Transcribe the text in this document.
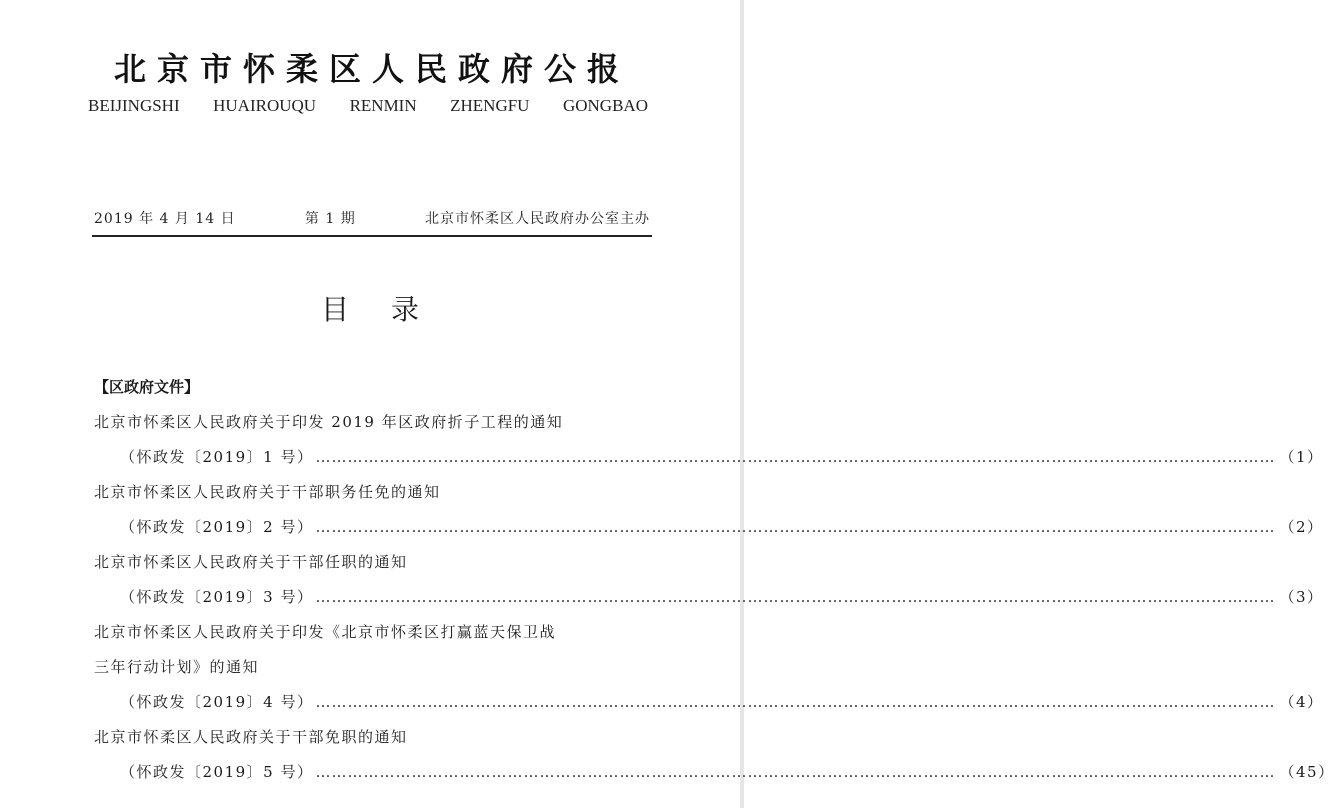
北京市怀柔区人民政府公报
BEIJINGSHI HUAIROUQU RENMIN ZHENGFU GONGBAO
2019 年 4 月 14 日	第 1 期	北京市怀柔区人民政府办公室主办
目录
【区政府文件】
北京市怀柔区人民政府关于印发 2019 年区政府折子工程的通知
（怀政发〔2019〕1 号） ……………………………………………………………………………………………………………………………………………………………… （1）
北京市怀柔区人民政府关于干部职务任免的通知
（怀政发〔2019〕2 号） ……………………………………………………………………………………………………………………………………………………………… （2）
北京市怀柔区人民政府关于干部任职的通知
（怀政发〔2019〕3 号） ……………………………………………………………………………………………………………………………………………………………… （3）
北京市怀柔区人民政府关于印发《北京市怀柔区打赢蓝天保卫战
三年行动计划》的通知
（怀政发〔2019〕4 号） ……………………………………………………………………………………………………………………………………………………………… （4）
北京市怀柔区人民政府关于干部免职的通知
（怀政发〔2019〕5 号） ……………………………………………………………………………………………………………………………………………………………… （45）
